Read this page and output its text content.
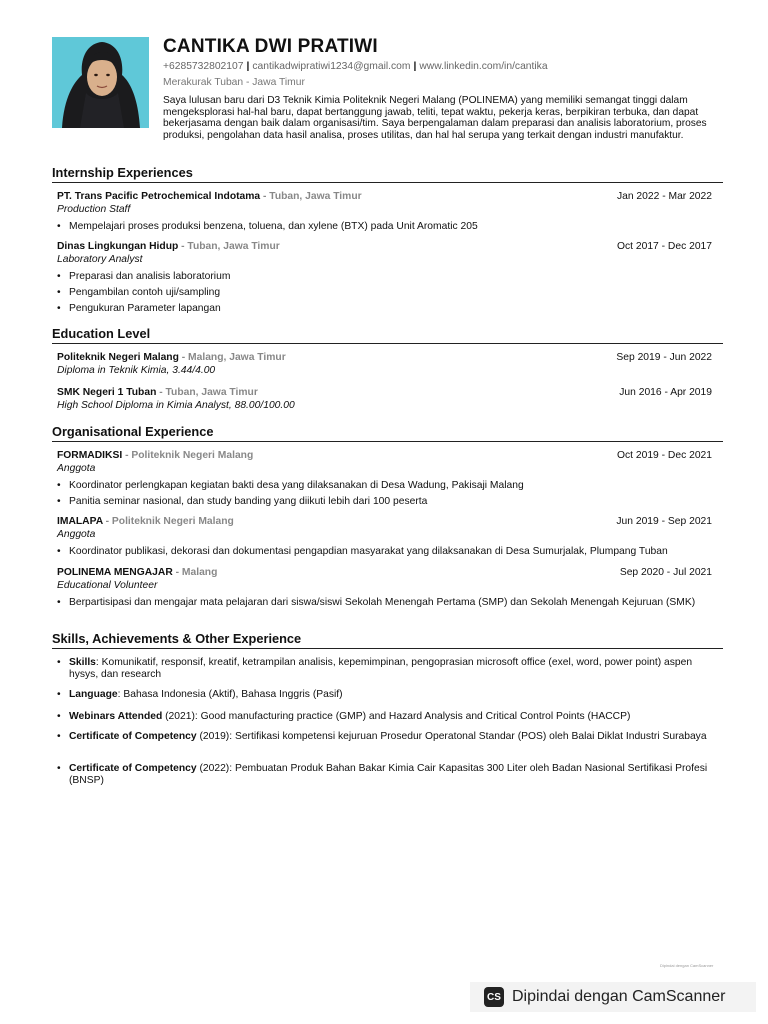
CANTIKA DWI PRATIWI
+6285732802107 | cantikadwipratiwi1234@gmail.com | www.linkedin.com/in/cantika
Merakurak Tuban - Jawa Timur
Saya lulusan baru dari D3 Teknik Kimia Politeknik Negeri Malang (POLINEMA) yang memiliki semangat tinggi dalam mengeksplorasi hal-hal baru, dapat bertanggung jawab, teliti, tepat waktu, pekerja keras, berpikiran terbuka, dan dapat bekerjasama dengan baik dalam organisasi/tim. Saya berpengalaman dalam preparasi dan analisis laboratorium, proses produksi, pengolahan data hasil analisa, proses utilitas, dan hal hal serupa yang terkait dengan industri manufaktur.
Internship Experiences
PT. Trans Pacific Petrochemical Indotama - Tuban, Jawa Timur	Jan 2022 - Mar 2022
Production Staff
• Mempelajari proses produksi benzena, toluena, dan xylene (BTX) pada Unit Aromatic 205
Dinas Lingkungan Hidup - Tuban, Jawa Timur	Oct 2017 - Dec 2017
Laboratory Analyst
• Preparasi dan analisis laboratorium
• Pengambilan contoh uji/sampling
• Pengukuran Parameter lapangan
Education Level
Politeknik Negeri Malang - Malang, Jawa Timur	Sep 2019 - Jun 2022
Diploma in Teknik Kimia, 3.44/4.00
SMK Negeri 1 Tuban - Tuban, Jawa Timur	Jun 2016 - Apr 2019
High School Diploma in Kimia Analyst, 88.00/100.00
Organisational Experience
FORMADIKSI - Politeknik Negeri Malang	Oct 2019 - Dec 2021
Anggota
• Koordinator perlengkapan kegiatan bakti desa yang dilaksanakan di Desa Wadung, Pakisaji Malang
• Panitia seminar nasional, dan study banding yang diikuti lebih dari 100 peserta
IMALAPA - Politeknik Negeri Malang	Jun 2019 - Sep 2021
Anggota
• Koordinator publikasi, dekorasi dan dokumentasi pengapdian masyarakat yang dilaksanakan di Desa Sumurjalak, Plumpang Tuban
POLINEMA MENGAJAR - Malang	Sep 2020 - Jul 2021
Educational Volunteer
• Berpartisipasi dan mengajar mata pelajaran dari siswa/siswi Sekolah Menengah Pertama (SMP) dan Sekolah Menengah Kejuruan (SMK)
Skills, Achievements & Other Experience
• Skills: Komunikatif, responsif, kreatif, ketrampilan analisis, kepemimpinan, pengoprasian microsoft office (exel, word, power point) aspen hysys, dan research
• Language: Bahasa Indonesia (Aktif), Bahasa Inggris (Pasif)
• Webinars Attended (2021): Good manufacturing practice (GMP) and Hazard Analysis and Critical Control Points (HACCP)
• Certificate of Competency (2019): Sertifikasi kompetensi kejuruan Prosedur Operatonal Standar (POS) oleh Balai Diklat Industri Surabaya
• Certificate of Competency (2022): Pembuatan Produk Bahan Bakar Kimia Cair Kapasitas 300 Liter oleh Badan Nasional Sertifikasi Profesi (BNSP)
Dipindai dengan CamScanner
CS Dipindai dengan CamScanner
